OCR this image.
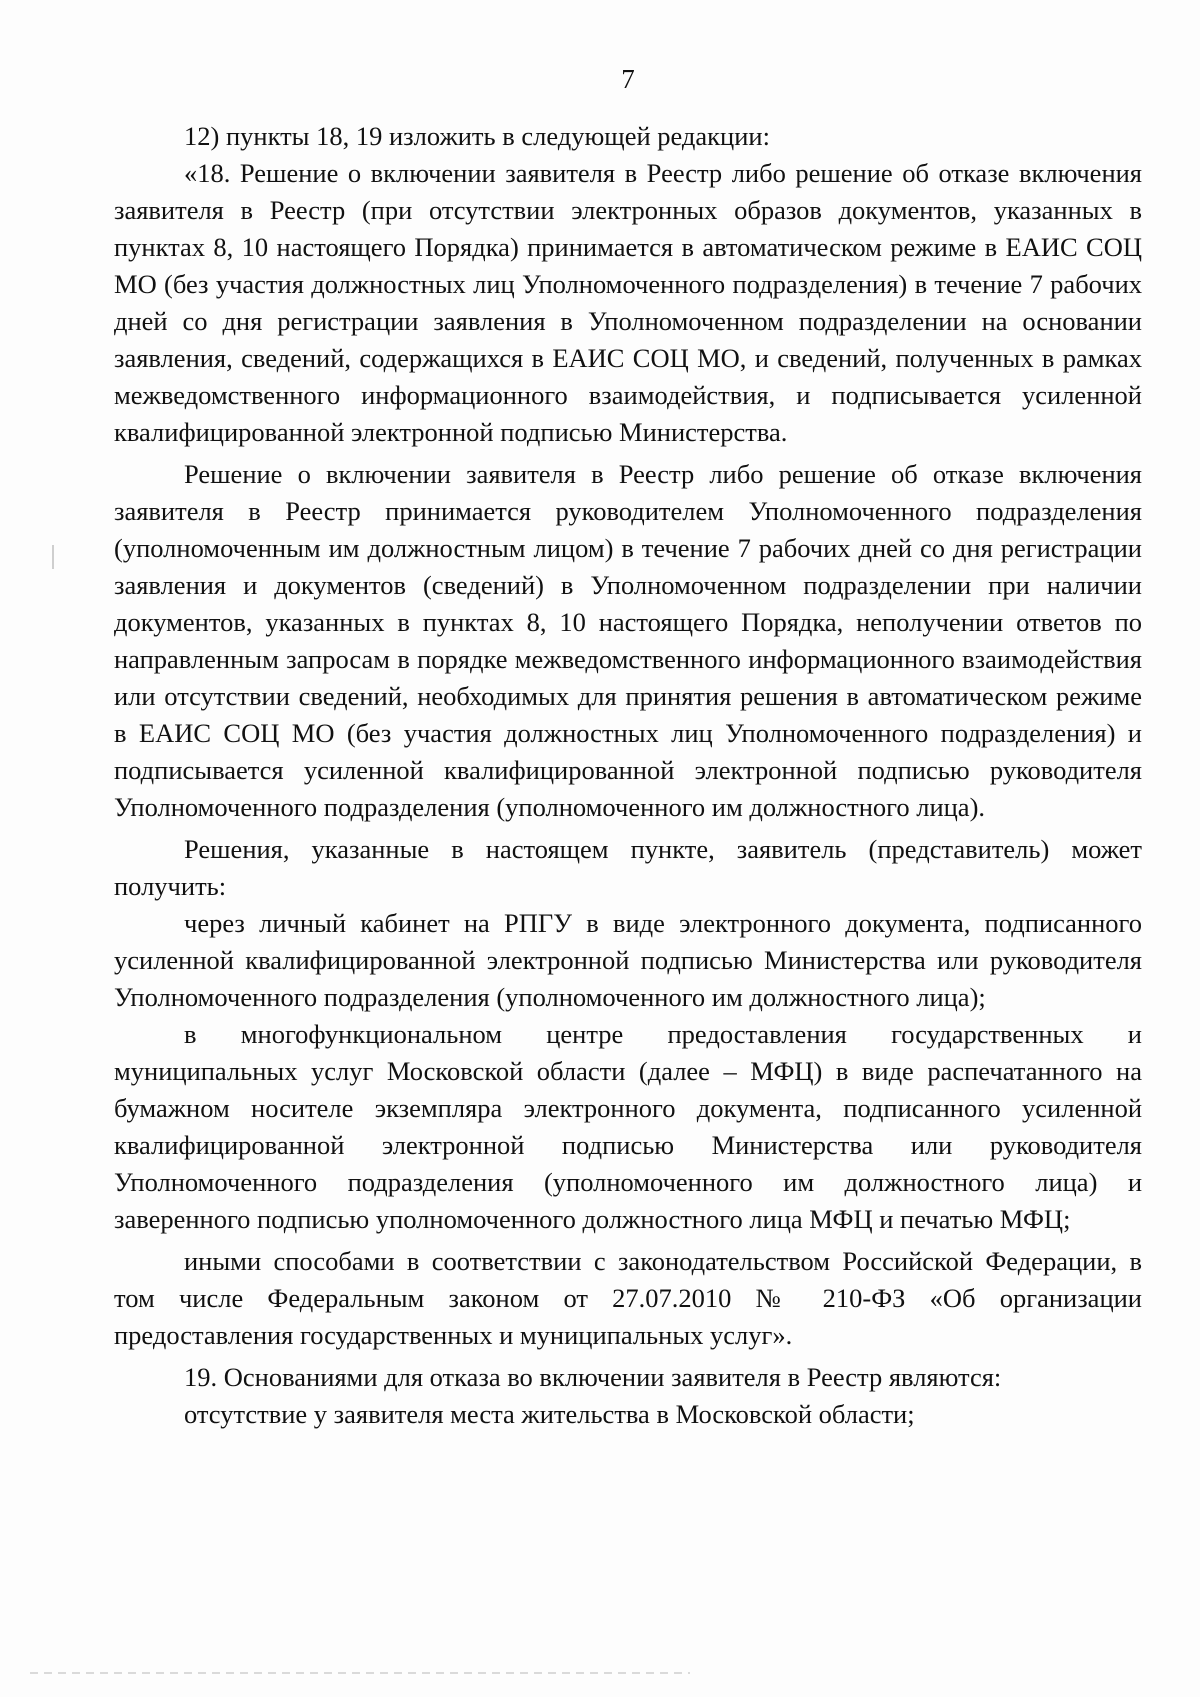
7

12) пункты 18, 19 изложить в следующей редакции:

«18. Решение о включении заявителя в Реестр либо решение об отказе включения заявителя в Реестр (при отсутствии электронных образов документов, указанных в пунктах 8, 10 настоящего Порядка) принимается в автоматическом режиме в ЕАИС СОЦ МО (без участия должностных лиц Уполномоченного подразделения) в течение 7 рабочих дней со дня регистрации заявления в Уполномоченном подразделении на основании заявления, сведений, содержащихся в ЕАИС СОЦ МО, и сведений, полученных в рамках межведомственного информационного взаимодействия, и подписывается усиленной квалифицированной электронной подписью Министерства.

Решение о включении заявителя в Реестр либо решение об отказе включения заявителя в Реестр принимается руководителем Уполномоченного подразделения (уполномоченным им должностным лицом) в течение 7 рабочих дней со дня регистрации заявления и документов (сведений) в Уполномоченном подразделении при наличии документов, указанных в пунктах 8, 10 настоящего Порядка, неполучении ответов по направленным запросам в порядке межведомственного информационного взаимодействия или отсутствии сведений, необходимых для принятия решения в автоматическом режиме в ЕАИС СОЦ МО (без участия должностных лиц Уполномоченного подразделения) и подписывается усиленной квалифицированной электронной подписью руководителя Уполномоченного подразделения (уполномоченного им должностного лица).

Решения, указанные в настоящем пункте, заявитель (представитель) может получить:

через личный кабинет на РПГУ в виде электронного документа, подписанного усиленной квалифицированной электронной подписью Министерства или руководителя Уполномоченного подразделения (уполномоченного им должностного лица);

в многофункциональном центре предоставления государственных и муниципальных услуг Московской области (далее – МФЦ) в виде распечатанного на бумажном носителе экземпляра электронного документа, подписанного усиленной квалифицированной электронной подписью Министерства или руководителя Уполномоченного подразделения (уполномоченного им должностного лица) и заверенного подписью уполномоченного должностного лица МФЦ и печатью МФЦ;

иными способами в соответствии с законодательством Российской Федерации, в том числе Федеральным законом от 27.07.2010 № 210-ФЗ «Об организации предоставления государственных и муниципальных услуг».

19. Основаниями для отказа во включении заявителя в Реестр являются:

отсутствие у заявителя места жительства в Московской области;
